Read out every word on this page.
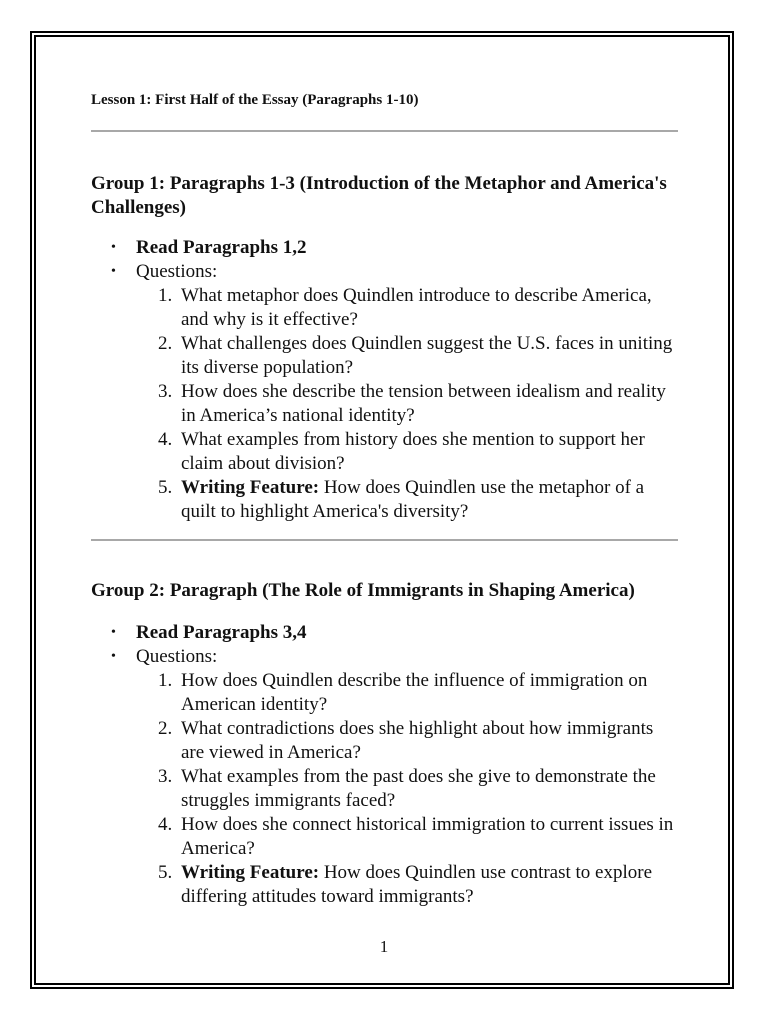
Lesson 1: First Half of the Essay (Paragraphs 1-10)
Group 1: Paragraphs 1-3 (Introduction of the Metaphor and America's Challenges)
• Read Paragraphs 1,2
• Questions:
1. What metaphor does Quindlen introduce to describe America, and why is it effective?
2. What challenges does Quindlen suggest the U.S. faces in uniting its diverse population?
3. How does she describe the tension between idealism and reality in America’s national identity?
4. What examples from history does she mention to support her claim about division?
5. Writing Feature: How does Quindlen use the metaphor of a quilt to highlight America's diversity?
Group 2: Paragraph (The Role of Immigrants in Shaping America)
• Read Paragraphs 3,4
• Questions:
1. How does Quindlen describe the influence of immigration on American identity?
2. What contradictions does she highlight about how immigrants are viewed in America?
3. What examples from the past does she give to demonstrate the struggles immigrants faced?
4. How does she connect historical immigration to current issues in America?
5. Writing Feature: How does Quindlen use contrast to explore differing attitudes toward immigrants?
1
